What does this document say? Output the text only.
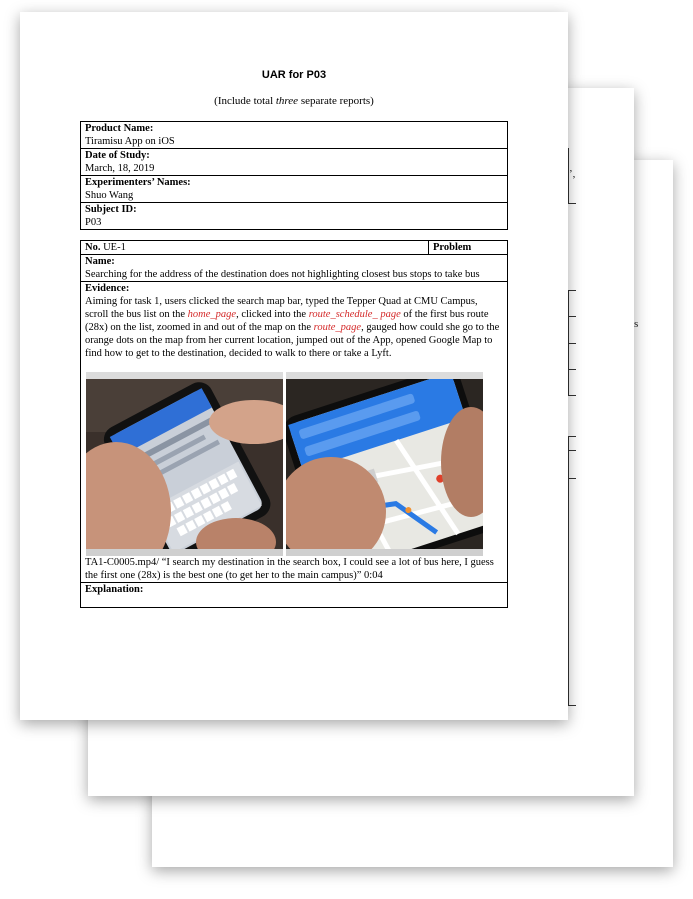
s
’,
UAR for P03
(Include total three separate reports)
Product Name:
Tiramisu App on iOS

Date of Study:
March, 18, 2019

Experimenters’ Names:
Shuo Wang

Subject ID:
P03
No. UE-1	Problem

Name:
Searching for the address of the destination does not highlighting closest bus stops to take bus

Evidence:

Aiming for task 1, users clicked the search map bar, typed the Tepper Quad at CMU Campus, scroll the bus list on the home_page, clicked into the route_schedule_ page of the first bus route (28x) on the list, zoomed in and out of the map on the route_page, gauged how could she go to the orange dots on the map from her current location, jumped out of the App, opened Google Map to find how to get to the destination, decided to walk to there or take a Lyft.

TA1-C0005.mp4/ “I search my destination in the search box, I could see a lot of bus here, I guess the first one (28x) is the best one (to get her to the main campus)” 0:04

Explanation:
